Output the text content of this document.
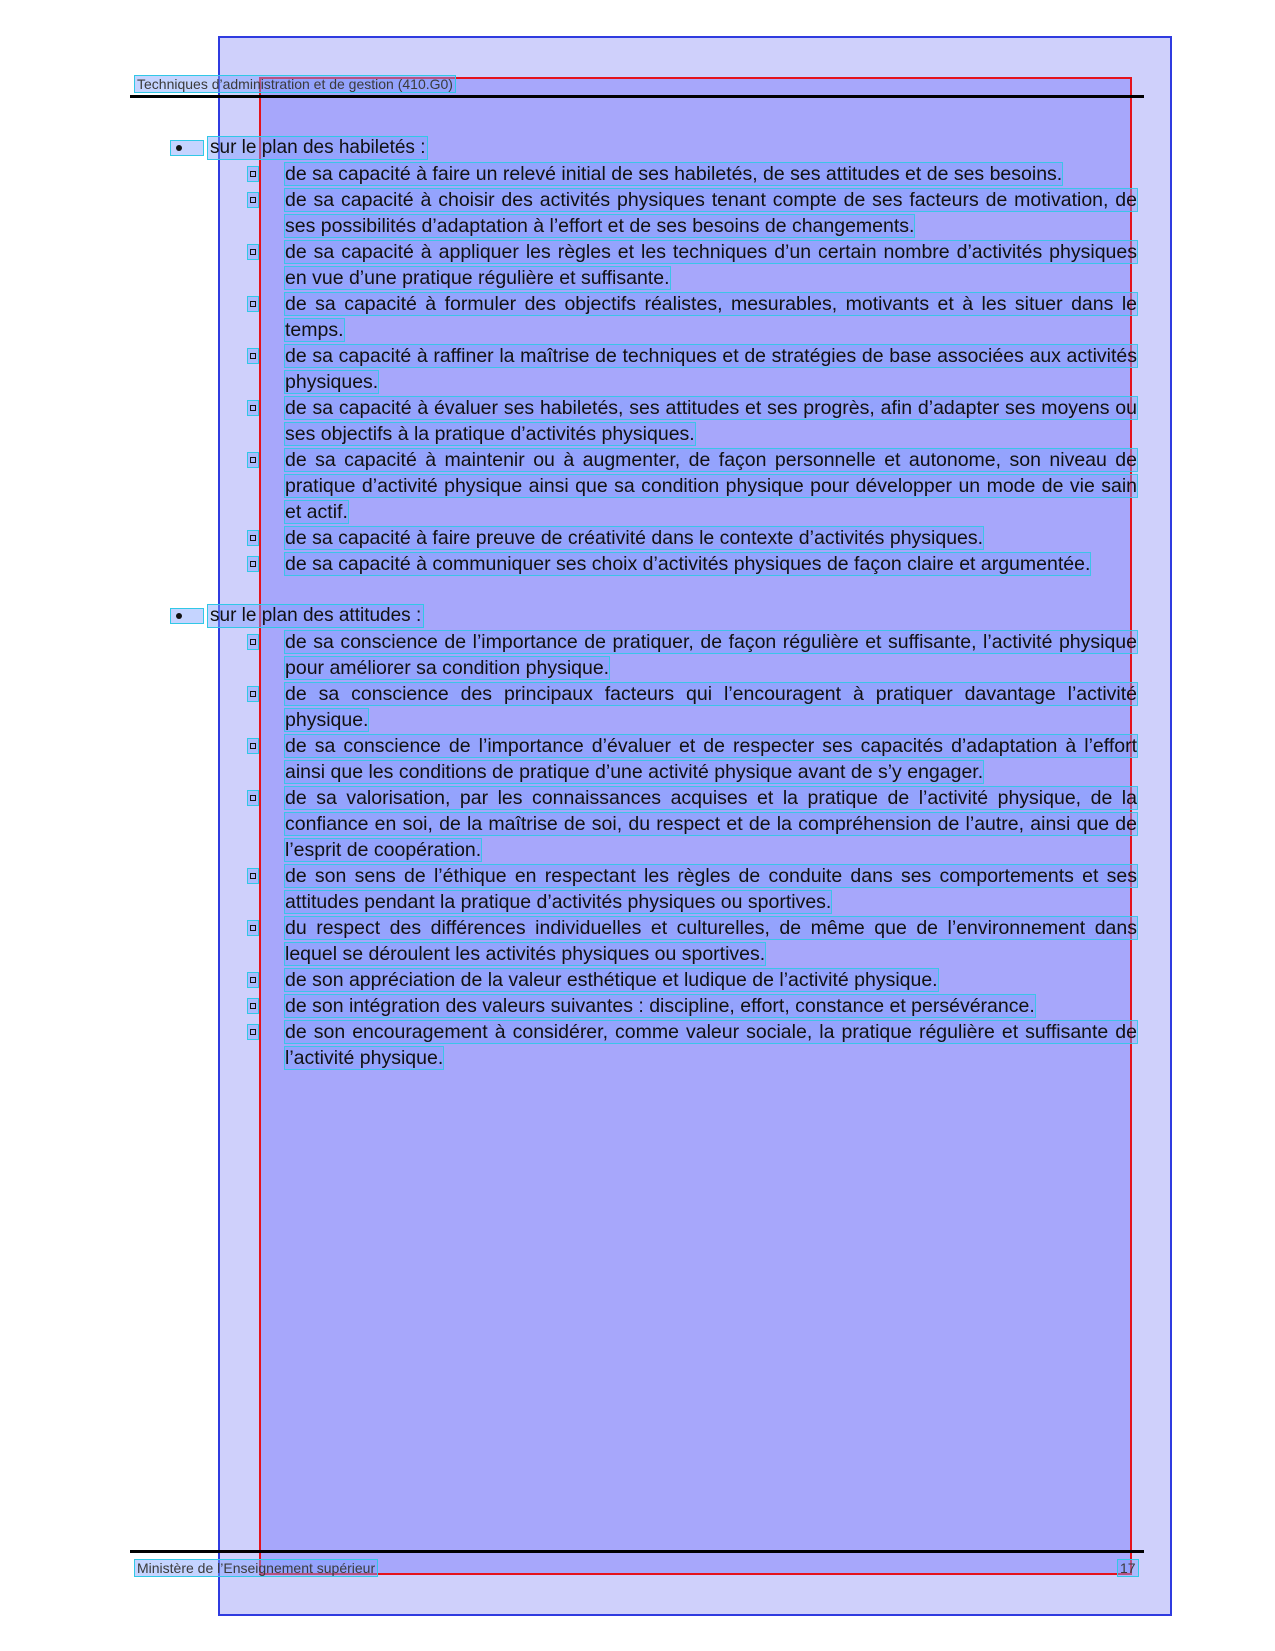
Techniques d’administration et de gestion (410.G0)
sur le plan des habiletés :
de sa capacité à faire un relevé initial de ses habiletés, de ses attitudes et de ses besoins.
de sa capacité à choisir des activités physiques tenant compte de ses facteurs de motivation, de ses possibilités d’adaptation à l’effort et de ses besoins de changements.
de sa capacité à appliquer les règles et les techniques d’un certain nombre d’activités physiques en vue d’une pratique régulière et suffisante.
de sa capacité à formuler des objectifs réalistes, mesurables, motivants et à les situer dans le temps.
de sa capacité à raffiner la maîtrise de techniques et de stratégies de base associées aux activités physiques.
de sa capacité à évaluer ses habiletés, ses attitudes et ses progrès, afin d’adapter ses moyens ou ses objectifs à la pratique d’activités physiques.
de sa capacité à maintenir ou à augmenter, de façon personnelle et autonome, son niveau de pratique d’activité physique ainsi que sa condition physique pour développer un mode de vie sain et actif.
de sa capacité à faire preuve de créativité dans le contexte d’activités physiques.
de sa capacité à communiquer ses choix d’activités physiques de façon claire et argumentée.
sur le plan des attitudes :
de sa conscience de l’importance de pratiquer, de façon régulière et suffisante, l’activité physique pour améliorer sa condition physique.
de sa conscience des principaux facteurs qui l’encouragent à pratiquer davantage l’activité physique.
de sa conscience de l’importance d’évaluer et de respecter ses capacités d’adaptation à l’effort ainsi que les conditions de pratique d’une activité physique avant de s’y engager.
de sa valorisation, par les connaissances acquises et la pratique de l’activité physique, de la confiance en soi, de la maîtrise de soi, du respect et de la compréhension de l’autre, ainsi que de l’esprit de coopération.
de son sens de l’éthique en respectant les règles de conduite dans ses comportements et ses attitudes pendant la pratique d’activités physiques ou sportives.
du respect des différences individuelles et culturelles, de même que de l’environnement dans lequel se déroulent les activités physiques ou sportives.
de son appréciation de la valeur esthétique et ludique de l’activité physique.
de son intégration des valeurs suivantes : discipline, effort, constance et persévérance.
de son encouragement à considérer, comme valeur sociale, la pratique régulière et suffisante de l’activité physique.
Ministère de l’Enseignement supérieur	17
